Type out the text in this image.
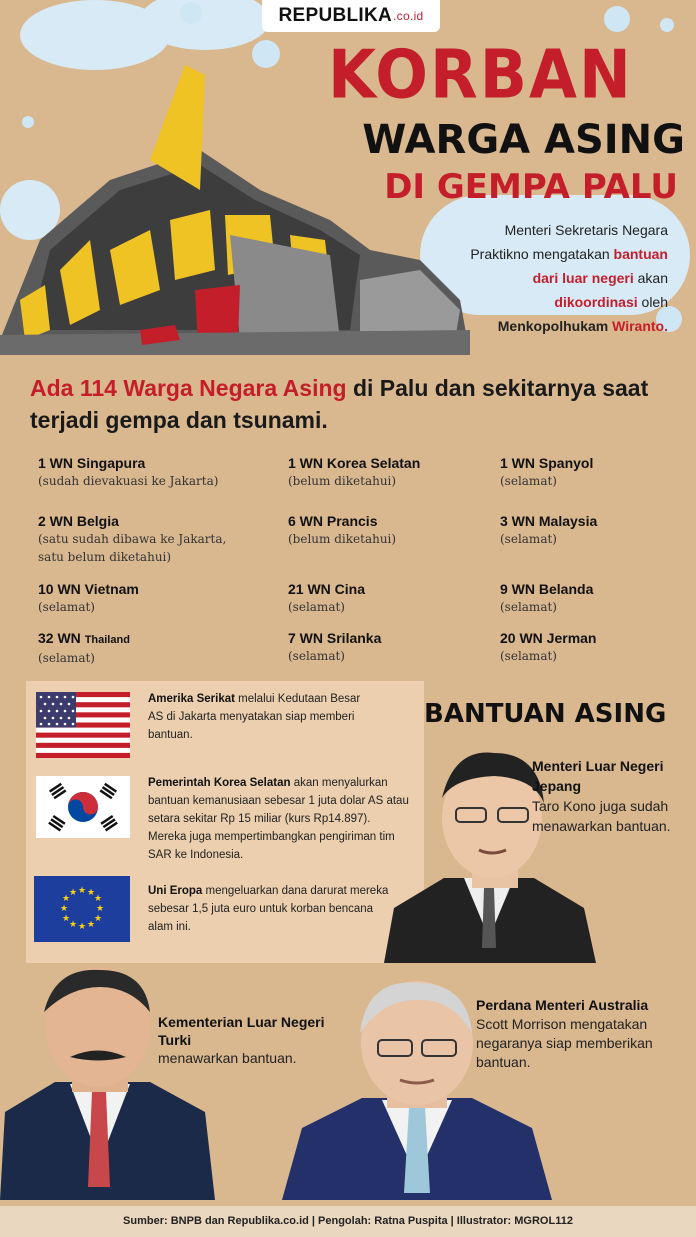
REPUBLIKA .co.id
KORBAN
WARGA ASING
DI GEMPA PALU
Menteri Sekretaris Negara Praktikno mengatakan bantuan dari luar negeri akan dikoordinasi oleh Menkopolhukam Wiranto.
Ada 114 Warga Negara Asing di Palu dan sekitarnya saat terjadi gempa dan tsunami.
1 WN Singapura
(sudah dievakuasi ke Jakarta)
1 WN Korea Selatan
(belum diketahui)
1 WN Spanyol
(selamat)
2 WN Belgia
(satu sudah dibawa ke Jakarta, satu belum diketahui)
6 WN Prancis
(belum diketahui)
3 WN Malaysia
(selamat)
10 WN Vietnam
(selamat)
21 WN Cina
(selamat)
9 WN Belanda
(selamat)
32 WN Thailand
(selamat)
7 WN Srilanka
(selamat)
20 WN Jerman
(selamat)
Amerika Serikat melalui Kedutaan Besar AS di Jakarta menyatakan siap memberi bantuan.
Pemerintah Korea Selatan akan menyalurkan bantuan kemanusiaan sebesar 1 juta dolar AS atau setara sekitar Rp 15 miliar (kurs Rp14.897). Mereka juga mempertimbangkan pengiriman tim SAR ke Indonesia.
★ ★
★
★
★
★
★
★
★
★
★
★	Uni Eropa mengeluarkan dana darurat mereka sebesar 1,5 juta euro untuk korban bencana alam ini.
BANTUAN ASING
Menteri Luar Negeri Jepang
Taro Kono juga sudah menawarkan bantuan.
Kementerian Luar Negeri Turki
menawarkan bantuan.
Perdana Menteri Australia
Scott Morrison mengatakan negaranya siap memberikan bantuan.
Sumber: BNPB dan Republika.co.id | Pengolah: Ratna Puspita | Illustrator: MGROL112
